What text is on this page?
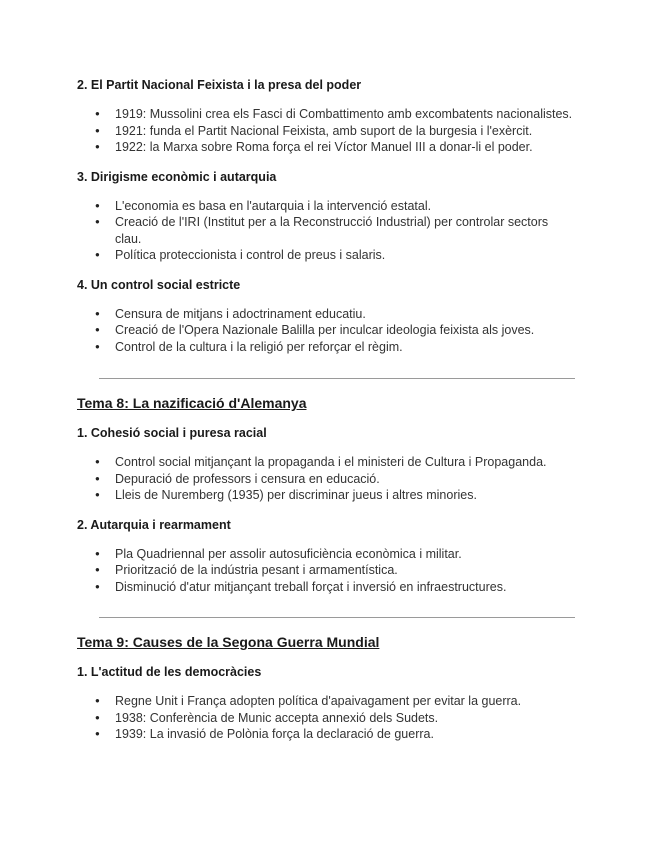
2. El Partit Nacional Feixista i la presa del poder
● 1919: Mussolini crea els Fasci di Combattimento amb excombatents nacionalistes.
● 1921: funda el Partit Nacional Feixista, amb suport de la burgesia i l'exèrcit.
● 1922: la Marxa sobre Roma força el rei Víctor Manuel III a donar-li el poder.
3. Dirigisme econòmic i autarquia
● L'economia es basa en l'autarquia i la intervenció estatal.
● Creació de l'IRI (Institut per a la Reconstrucció Industrial) per controlar sectors clau.
● Política proteccionista i control de preus i salaris.
4. Un control social estricte
● Censura de mitjans i adoctrinament educatiu.
● Creació de l'Opera Nazionale Balilla per inculcar ideologia feixista als joves.
● Control de la cultura i la religió per reforçar el règim.
Tema 8: La nazificació d'Alemanya
1. Cohesió social i puresa racial
● Control social mitjançant la propaganda i el ministeri de Cultura i Propaganda.
● Depuració de professors i censura en educació.
● Lleis de Nuremberg (1935) per discriminar jueus i altres minories.
2. Autarquia i rearmament
● Pla Quadriennal per assolir autosuficiència econòmica i militar.
● Priorització de la indústria pesant i armamentística.
● Disminució d'atur mitjançant treball forçat i inversió en infraestructures.
Tema 9: Causes de la Segona Guerra Mundial
1. L'actitud de les democràcies
● Regne Unit i França adopten política d'apaivagament per evitar la guerra.
● 1938: Conferència de Munic accepta annexió dels Sudets.
● 1939: La invasió de Polònia força la declaració de guerra.
